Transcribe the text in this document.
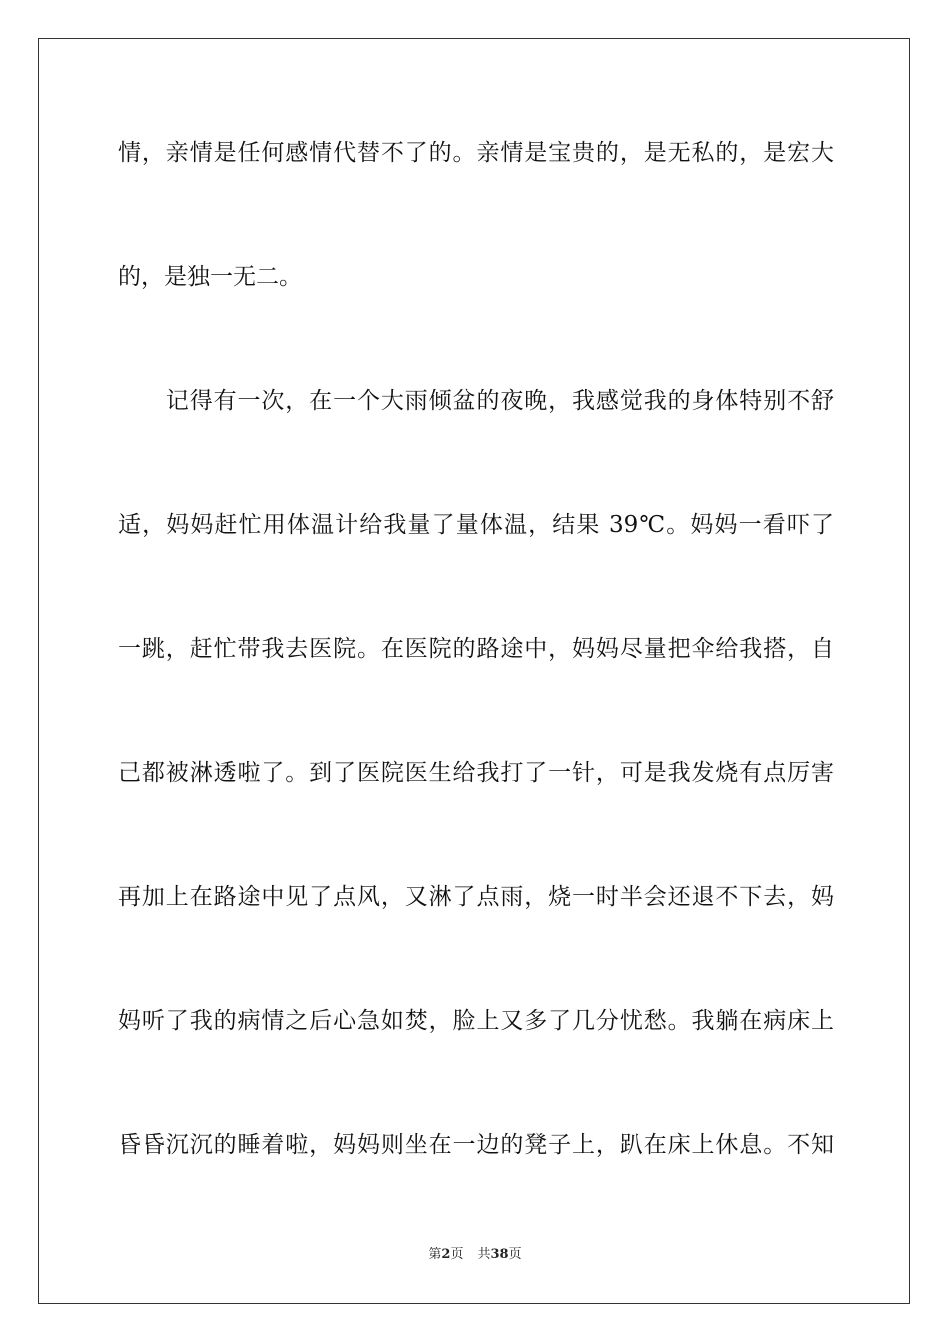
情，亲情是任何感情代替不了的。亲情是宝贵的，是无私的，是宏大
的，是独一无二。
　　记得有一次，在一个大雨倾盆的夜晚，我感觉我的身体特别不舒
适，妈妈赶忙用体温计给我量了量体温，结果 39℃。妈妈一看吓了
一跳，赶忙带我去医院。在医院的路途中，妈妈尽量把伞给我搭，自
己都被淋透啦了。到了医院医生给我打了一针，可是我发烧有点厉害
再加上在路途中见了点风，又淋了点雨，烧一时半会还退不下去，妈
妈听了我的病情之后心急如焚，脸上又多了几分忧愁。我躺在病床上
昏昏沉沉的睡着啦，妈妈则坐在一边的凳子上，趴在床上休息。不知
第2页 共38页
